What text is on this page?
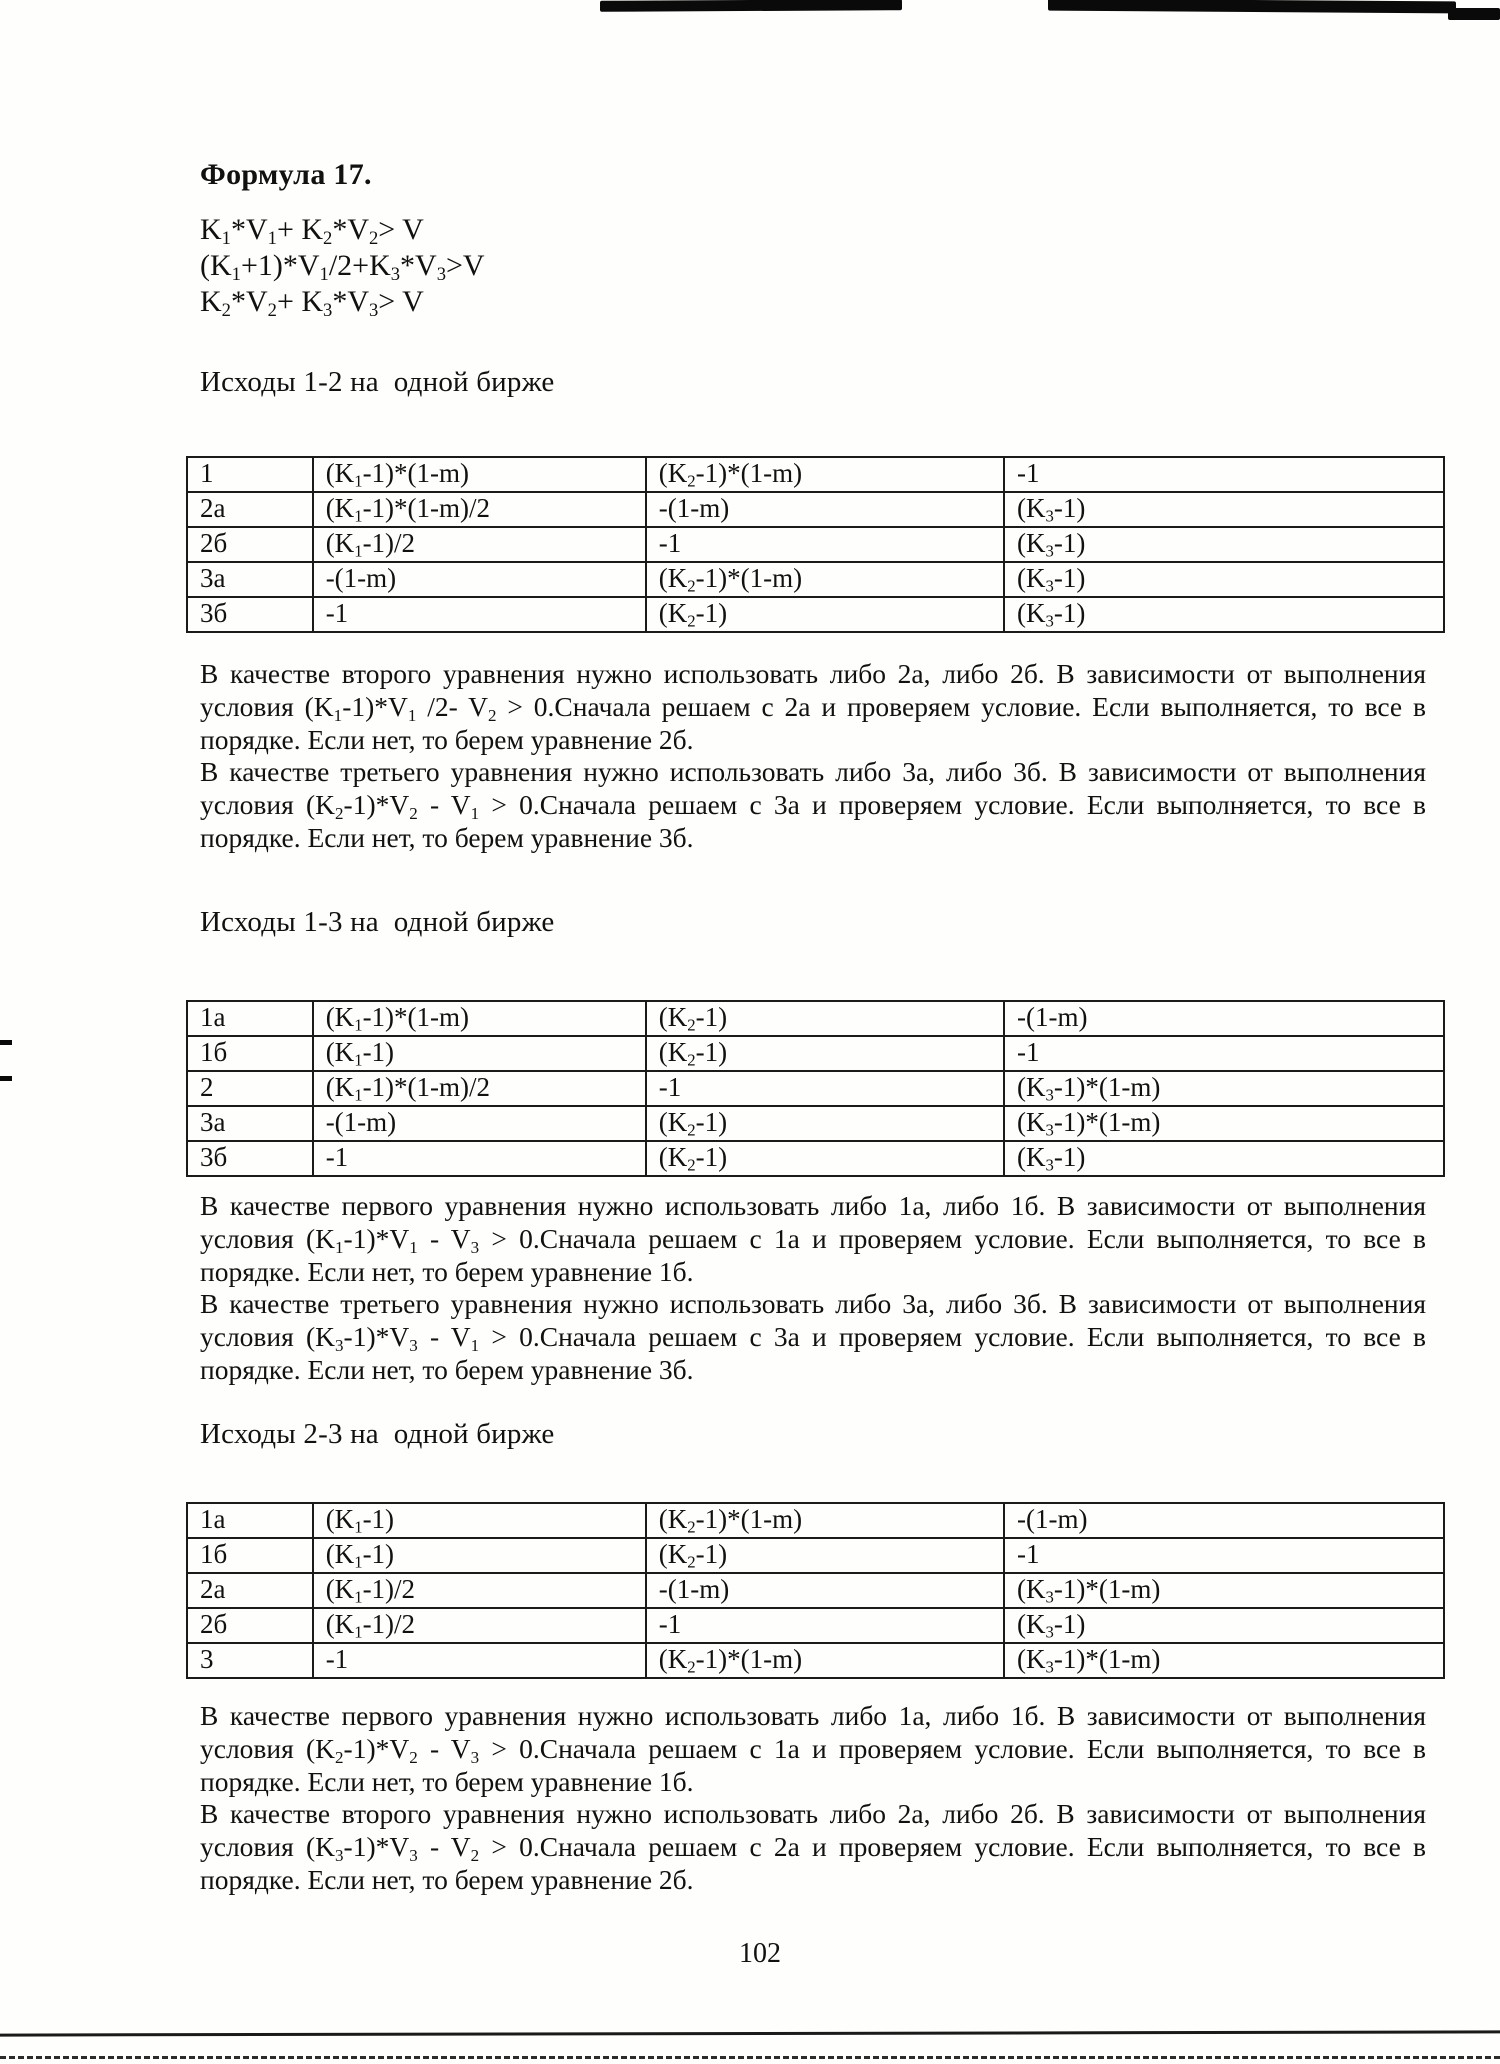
Формула 17.
$K_1*V_1+ K_2*V_2> V$
$(K_1+1)*V_1/2+K_3*V_3>V$
$K_2*V_2+ K_3*V_3> V$
Исходы 1-2 на  одной бирже
1	$(K_1-1)*(1-m)$	$(K_2-1)*(1-m)$	-1
2а	$(K_1-1)*(1-m)/2$	-(1-m)	$(K_3-1)$
2б	$(K_1-1)/2$	-1	$(K_3-1)$
3а	-(1-m)	$(K_2-1)*(1-m)$	$(K_3-1)$
3б	-1	$(K_2-1)$	$(K_3-1)$

В качестве второго уравнения нужно использовать либо 2а, либо 2б. В зависимости от выполнения условия $(K_1-1)*V_1$ /2- $V_2$ > 0.Сначала решаем с 2а и проверяем условие. Если выполняется, то все в порядке. Если нет, то берем уравнение 2б.

В качестве третьего уравнения нужно использовать либо 3а, либо 3б. В зависимости от выполнения условия $(K_2-1)*V_2 - V_1$ > 0.Сначала решаем с 3а и проверяем условие. Если выполняется, то все в порядке. Если нет, то берем уравнение 3б.

Исходы 1-3 на  одной бирже
1а	$(K_1-1)*(1-m)$	$(K_2-1)$	-(1-m)
1б	$(K_1-1)$	$(K_2-1)$	-1
2	$(K_1-1)*(1-m)/2$	-1	$(K_3-1)*(1-m)$
3а	-(1-m)	$(K_2-1)$	$(K_3-1)*(1-m)$
3б	-1	$(K_2-1)$	$(K_3-1)$

В качестве первого уравнения нужно использовать либо 1а, либо 1б. В зависимости от выполнения условия $(K_1-1)*V_1 - V_3$ > 0.Сначала решаем с 1а и проверяем условие. Если выполняется, то все в порядке. Если нет, то берем уравнение 1б.

В качестве третьего уравнения нужно использовать либо 3а, либо 3б. В зависимости от выполнения условия $(K_3-1)*V_3 - V_1$ > 0.Сначала решаем с 3а и проверяем условие. Если выполняется, то все в порядке. Если нет, то берем уравнение 3б.

Исходы 2-3 на  одной бирже
1а	$(K_1-1)$	$(K_2-1)*(1-m)$	-(1-m)
1б	$(K_1-1)$	$(K_2-1)$	-1
2а	$(K_1-1)/2$	-(1-m)	$(K_3-1)*(1-m)$
2б	$(K_1-1)/2$	-1	$(K_3-1)$
3	-1	$(K_2-1)*(1-m)$	$(K_3-1)*(1-m)$

В качестве первого уравнения нужно использовать либо 1а, либо 1б. В зависимости от выполнения условия $(K_2-1)*V_2 - V_3$ > 0.Сначала решаем с 1а и проверяем условие. Если выполняется, то все в порядке. Если нет, то берем уравнение 1б.

В качестве второго уравнения нужно использовать либо 2а, либо 2б. В зависимости от выполнения условия $(K_3-1)*V_3 - V_2$ > 0.Сначала решаем с 2а и проверяем условие. Если выполняется, то все в порядке. Если нет, то берем уравнение 2б.

102
